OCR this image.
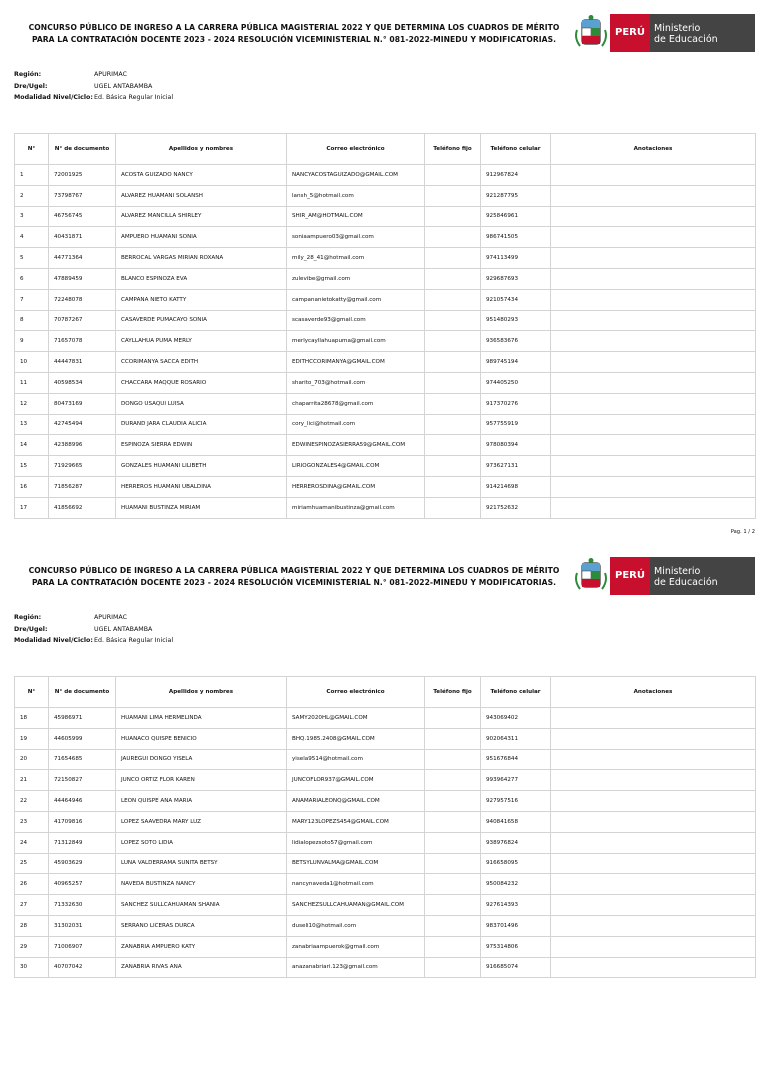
CONCURSO PÚBLICO DE INGRESO A LA CARRERA PÚBLICA MAGISTERIAL 2022 Y QUE DETERMINA LOS CUADROS DE MÉRITO PARA LA CONTRATACIÓN DOCENTE 2023 - 2024 RESOLUCIÓN VICEMINISTERIAL N.° 081-2022-MINEDU Y MODIFICATORIAS.
PERÚ Ministerio
de Educación
Región:	APURIMAC
Dre/Ugel:	UGEL ANTABAMBA
Modalidad Nivel/Ciclo: Ed. Básica Regular Inicial
N°	N° de documento	Apellidos y nombres	Correo electrónico	Teléfono fijo	Teléfono celular	Anotaciones
1	72001925	ACOSTA GUIZADO NANCY	NANCYACOSTAGUIZADO@GMAIL.COM		912967824	
2	73798767	ALVAREZ HUAMANI SOLANSH	lansh_5@hotmail.com		921287795	
3	46756745	ALVAREZ MANCILLA SHIRLEY	SHIR_AM@HOTMAIL.COM		925846961	
4	40431871	AMPUERO HUAMANI SONIA	soniaampuero03@gmail.com		986741505	
5	44771364	BERROCAL VARGAS MIRIAN ROXANA	mily_28_41@hotmail.com		974113499	
6	47889459	BLANCO ESPINOZA EVA	zulevibe@gmail.com		929687693	
7	72248078	CAMPANA NIETO KATTY	campananietokatty@gmail.com		921057434	
8	70787267	CASAVERDE PUMACAYO SONIA	scasaverde93@gmail.com		951480293	
9	71657078	CAYLLAHUA PUMA MERLY	merlycayllahuapuma@gmail.com		936583676	
10	44447831	CCORIMANYA SACCA EDITH	EDITHCCORIMANYA@GMAIL.COM		989745194	
11	40598534	CHACCARA MAQQUE ROSARIO	sharito_703@hotmail.com		974405250	
12	80473169	DONGO USAQUI LUISA	chaparrita28678@gmail.com		917370276	
13	42745494	DURAND JARA CLAUDIA ALICIA	cory_lici@hotmail.com		957755919	
14	42388996	ESPINOZA SIERRA EDWIN	EDWINESPINOZASIERRA59@GMAIL.COM		978080394	
15	71929665	GONZALES HUAMANI LILIBETH	LIRIOGONZALES4@GMAIL.COM		973627131	
16	71856287	HERREROS HUAMANI UBALDINA	HERREROSDINA@GMAIL.COM		914214698	
17	41856692	HUAMANI BUSTINZA MIRIAM	miriamhuamanibustinza@gmail.com		921752632	
Pag. 1 / 2
CONCURSO PÚBLICO DE INGRESO A LA CARRERA PÚBLICA MAGISTERIAL 2022 Y QUE DETERMINA LOS CUADROS DE MÉRITO PARA LA CONTRATACIÓN DOCENTE 2023 - 2024 RESOLUCIÓN VICEMINISTERIAL N.° 081-2022-MINEDU Y MODIFICATORIAS.
PERÚ Ministerio
de Educación
Región:	APURIMAC
Dre/Ugel:	UGEL ANTABAMBA
Modalidad Nivel/Ciclo: Ed. Básica Regular Inicial
N°	N° de documento	Apellidos y nombres	Correo electrónico	Teléfono fijo	Teléfono celular	Anotaciones
18	45986971	HUAMANI LIMA HERMELINDA	SAMY2020HL@GMAIL.COM		943069402	
19	44605999	HUANACO QUISPE BENICIO	BHQ.1985.2408@GMAIL.COM		902064311	
20	71654685	JAUREGUI DONGO YISELA	yisela9514@hotmail.com		951676844	
21	72150827	JUNCO ORTIZ FLOR KAREN	JUNCOFLOR937@GMAIL.COM		993964277	
22	44464946	LEON QUISPE ANA MARIA	ANAMARIALEONQ@GMAIL.COM		927957516	
23	41709816	LOPEZ SAAVEDRA MARY LUZ	MARY123LOPEZS454@GMAIL.COM		940841658	
24	71312849	LOPEZ SOTO LIDIA	lidialopezsoto57@gmail.com		938976824	
25	45903629	LUNA VALDERRAMA SUNITA BETSY	BETSYLUNVALMA@GMAIL.COM		916658095	
26	40965257	NAVEDA BUSTINZA NANCY	nancynaveda1@hotmail.com		950084232	
27	71332630	SANCHEZ SULLCAHUAMAN SHANIA	SANCHEZSULLCAHUAMAN@GMAIL.COM		927614393	
28	31302031	SERRANO LICERAS DURCA	duseli10@hotmail.com		983701496	
29	71006907	ZANABRIA AMPUERO KATY	zanabriaampuerok@gmail.com		975314806	
30	40707042	ZANABRIA RIVAS ANA	anazanabriari.123@gmail.com		916685074	
